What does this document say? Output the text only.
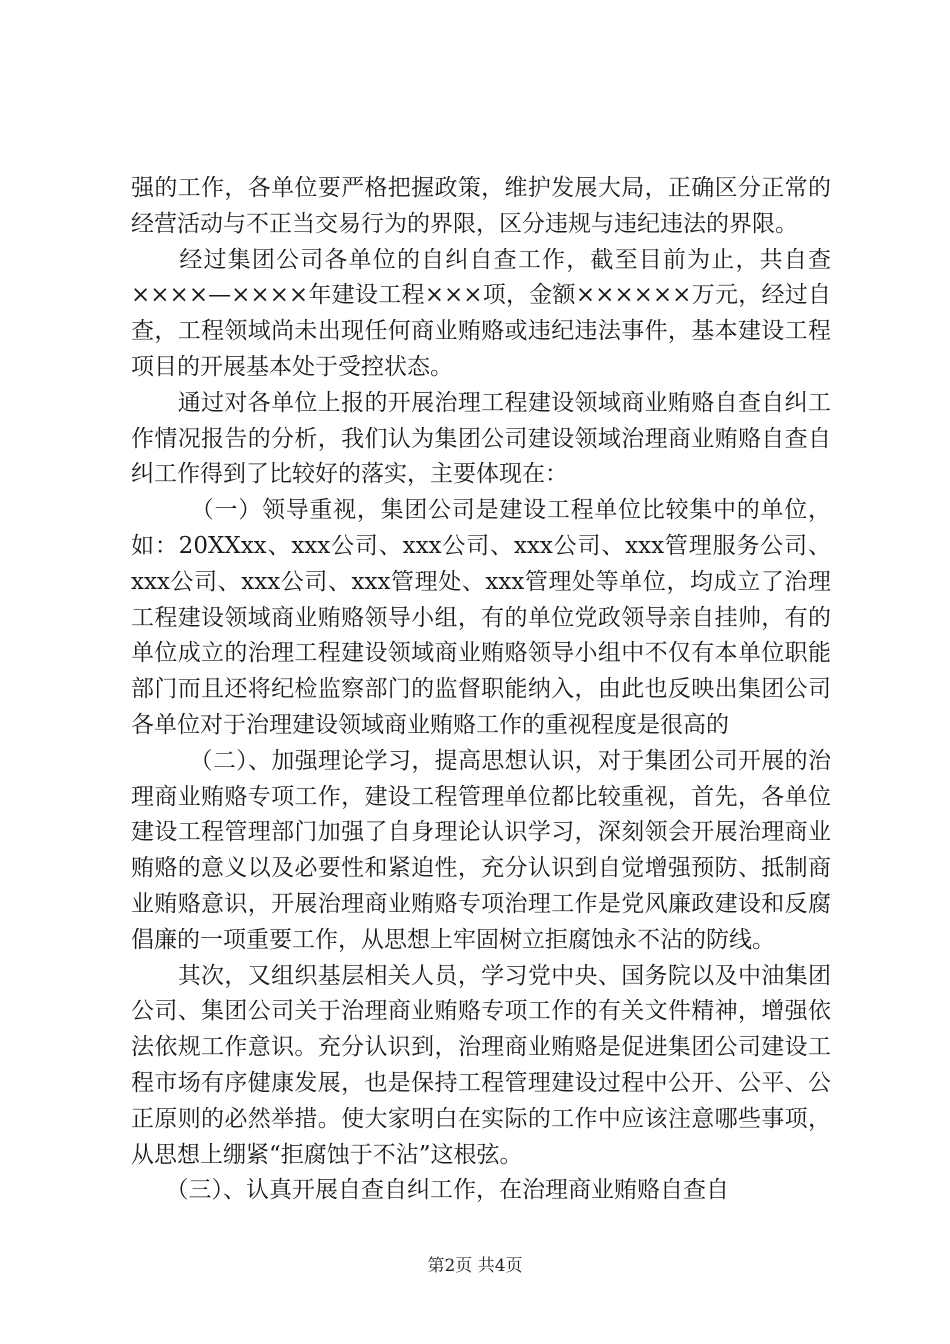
强的工作，各单位要严格把握政策，维护发展大局，正确区分正常的经营活动与不正当交易行为的界限，区分违规与违纪违法的界限。

　　经过集团公司各单位的自纠自查工作，截至目前为止，共自查××××—××××年建设工程×××项，金额××××××万元，经过自查，工程领域尚未出现任何商业贿赂或违纪违法事件，基本建设工程项目的开展基本处于受控状态。

　　通过对各单位上报的开展治理工程建设领域商业贿赂自查自纠工作情况报告的分析，我们认为集团公司建设领域治理商业贿赂自查自纠工作得到了比较好的落实，主要体现在：

　　　（一）领导重视，集团公司是建设工程单位比较集中的单位，如：20XXxx、xxx公司、xxx公司、xxx公司、xxx管理服务公司、xxx公司、xxx公司、xxx管理处、xxx管理处等单位，均成立了治理工程建设领域商业贿赂领导小组，有的单位党政领导亲自挂帅，有的单位成立的治理工程建设领域商业贿赂领导小组中不仅有本单位职能部门而且还将纪检监察部门的监督职能纳入，由此也反映出集团公司各单位对于治理建设领域商业贿赂工作的重视程度是很高的

　　　（二）、加强理论学习，提高思想认识，对于集团公司开展的治理商业贿赂专项工作，建设工程管理单位都比较重视，首先，各单位建设工程管理部门加强了自身理论认识学习，深刻领会开展治理商业贿赂的意义以及必要性和紧迫性，充分认识到自觉增强预防、抵制商业贿赂意识，开展治理商业贿赂专项治理工作是党风廉政建设和反腐倡廉的一项重要工作，从思想上牢固树立拒腐蚀永不沾的防线。

　　其次，又组织基层相关人员，学习党中央、国务院以及中油集团公司、集团公司关于治理商业贿赂专项工作的有关文件精神，增强依法依规工作意识。充分认识到，治理商业贿赂是促进集团公司建设工程市场有序健康发展，也是保持工程管理建设过程中公开、公平、公正原则的必然举措。使大家明白在实际的工作中应该注意哪些事项，从思想上绷紧“拒腐蚀于不沾”这根弦。

　　（三）、认真开展自查自纠工作，在治理商业贿赂自查自

第2页 共4页
